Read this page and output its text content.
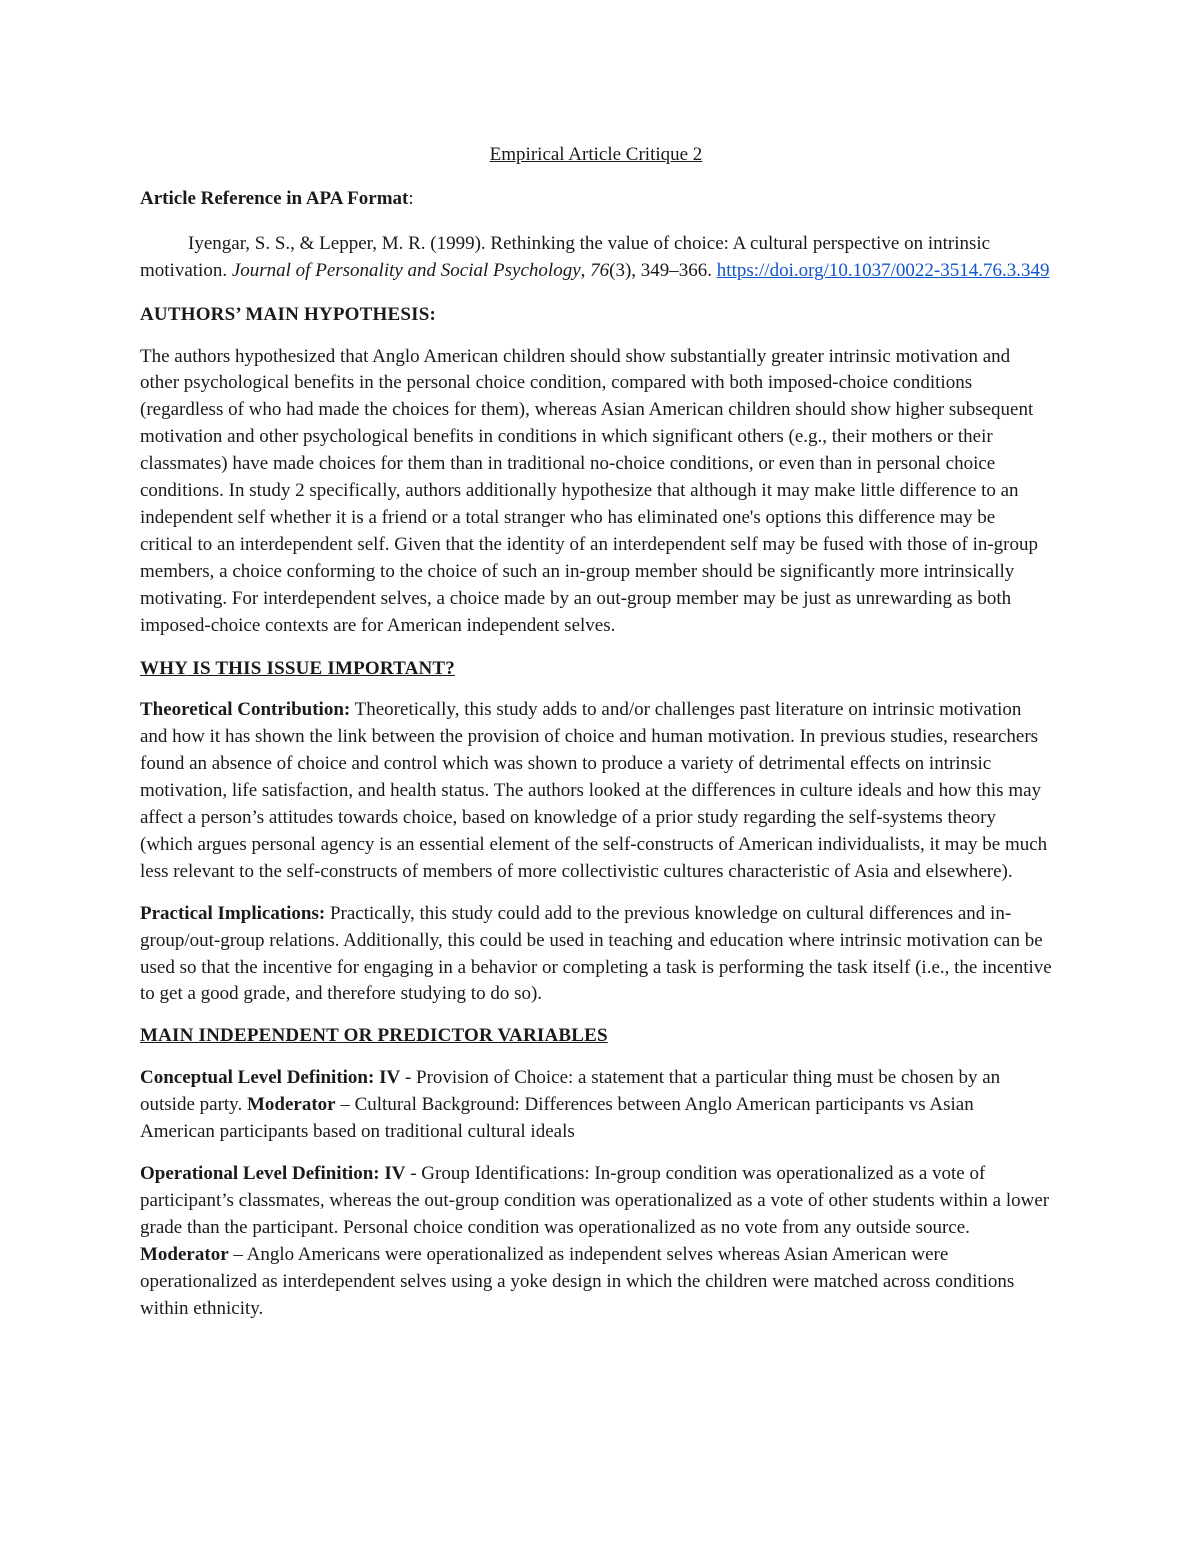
Empirical Article Critique 2
Article Reference in APA Format:
Iyengar, S. S., & Lepper, M. R. (1999). Rethinking the value of choice: A cultural perspective on intrinsic motivation. Journal of Personality and Social Psychology, 76(3), 349–366. https://doi.org/10.1037/0022-3514.76.3.349
AUTHORS’ MAIN HYPOTHESIS:
The authors hypothesized that Anglo American children should show substantially greater intrinsic motivation and other psychological benefits in the personal choice condition, compared with both imposed-choice conditions (regardless of who had made the choices for them), whereas Asian American children should show higher subsequent motivation and other psychological benefits in conditions in which significant others (e.g., their mothers or their classmates) have made choices for them than in traditional no-choice conditions, or even than in personal choice conditions. In study 2 specifically, authors additionally hypothesize that although it may make little difference to an independent self whether it is a friend or a total stranger who has eliminated one's options this difference may be critical to an interdependent self. Given that the identity of an interdependent self may be fused with those of in-group members, a choice conforming to the choice of such an in-group member should be significantly more intrinsically motivating. For interdependent selves, a choice made by an out-group member may be just as unrewarding as both imposed-choice contexts are for American independent selves.
WHY IS THIS ISSUE IMPORTANT?
Theoretical Contribution: Theoretically, this study adds to and/or challenges past literature on intrinsic motivation and how it has shown the link between the provision of choice and human motivation. In previous studies, researchers found an absence of choice and control which was shown to produce a variety of detrimental effects on intrinsic motivation, life satisfaction, and health status. The authors looked at the differences in culture ideals and how this may affect a person’s attitudes towards choice, based on knowledge of a prior study regarding the self-systems theory (which argues personal agency is an essential element of the self-constructs of American individualists, it may be much less relevant to the self-constructs of members of more collectivistic cultures characteristic of Asia and elsewhere).
Practical Implications: Practically, this study could add to the previous knowledge on cultural differences and in-group/out-group relations. Additionally, this could be used in teaching and education where intrinsic motivation can be used so that the incentive for engaging in a behavior or completing a task is performing the task itself (i.e., the incentive to get a good grade, and therefore studying to do so).
MAIN INDEPENDENT OR PREDICTOR VARIABLES
Conceptual Level Definition: IV - Provision of Choice: a statement that a particular thing must be chosen by an outside party. Moderator – Cultural Background: Differences between Anglo American participants vs Asian American participants based on traditional cultural ideals
Operational Level Definition: IV - Group Identifications: In-group condition was operationalized as a vote of participant’s classmates, whereas the out-group condition was operationalized as a vote of other students within a lower grade than the participant. Personal choice condition was operationalized as no vote from any outside source. Moderator – Anglo Americans were operationalized as independent selves whereas Asian American were operationalized as interdependent selves using a yoke design in which the children were matched across conditions within ethnicity.
